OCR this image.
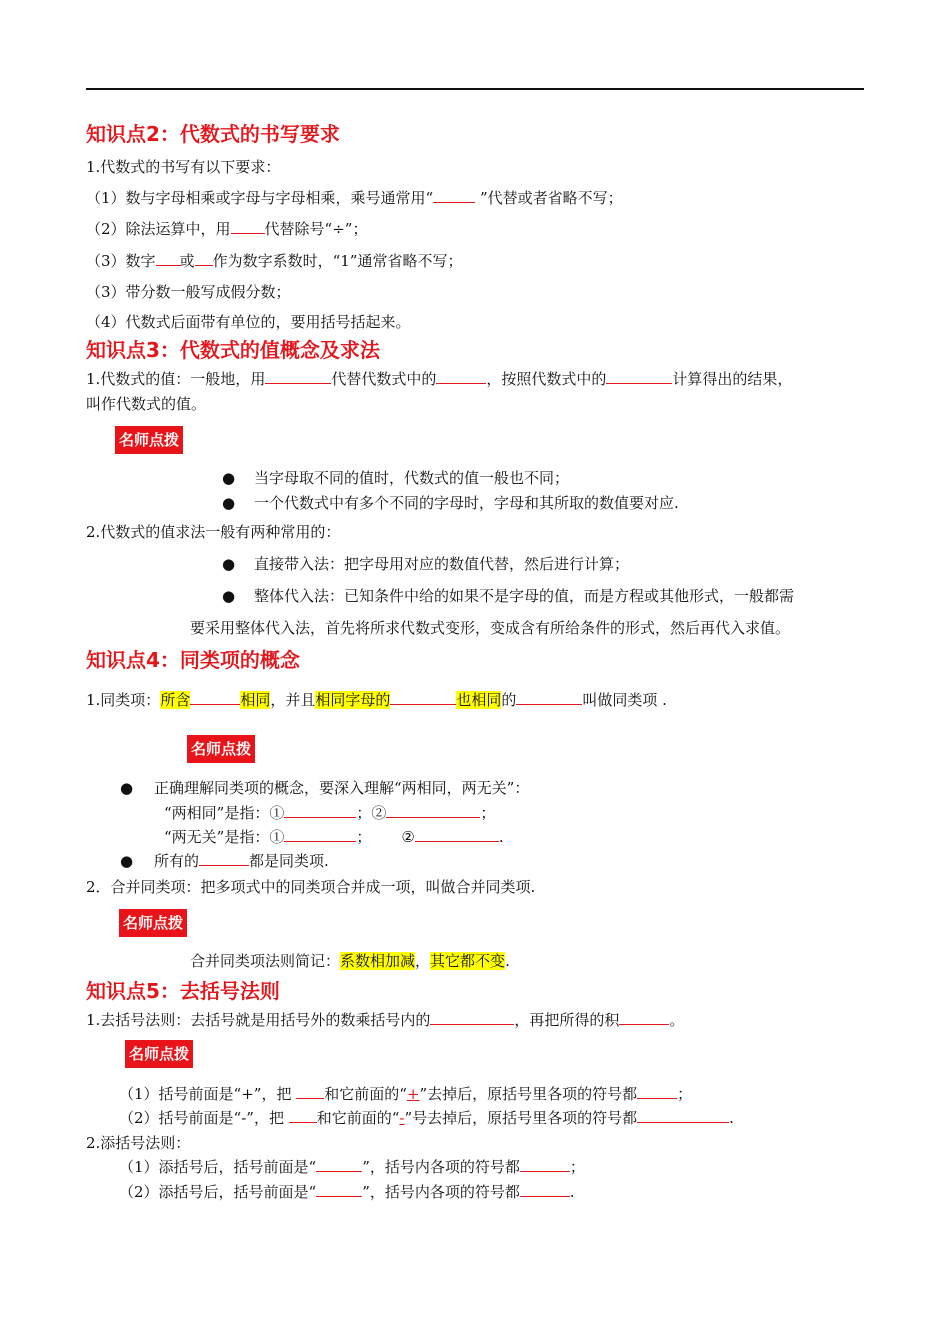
知识点2：代数式的书写要求
1.代数式的书写有以下要求：
（1）数与字母相乘或字母与字母相乘，乘号通常用“	”代替或者省略不写；
（2）除法运算中，用 代替除号“÷”；
（3）数字 或 作为数字系数时，“1”通常省略不写；
（3）带分数一般写成假分数；
（4）代数式后面带有单位的，要用括号括起来。
知识点3：代数式的值概念及求法
1.代数式的值：一般地，用	代替代数式中的	，按照代数式中的	计算得出的结果，
叫作代数式的值。
名师点拨
● 当字母取不同的值时，代数式的值一般也不同；
● 一个代数式中有多个不同的字母时，字母和其所取的数值要对应.
2.代数式的值求法一般有两种常用的：
● 直接带入法：把字母用对应的数值代替，然后进行计算；
● 整体代入法：已知条件中给的如果不是字母的值，而是方程或其他形式，一般都需
要采用整体代入法，首先将所求代数式变形，变成含有所给条件的形式，然后再代入求值。
知识点4：同类项的概念
1.同类项：所含	相同，并且相同字母的	也相同的	叫做同类项 .
名师点拨
● 正确理解同类项的概念，要深入理解“两相同，两无关”：
“两相同”是指：①	；②	；
“两无关”是指：①	； ②	.
● 所有的	都是同类项.
2．合并同类项：把多项式中的同类项合并成一项，叫做合并同类项.
名师点拨
合并同类项法则简记：系数相加减，其它都不变.
知识点5：去括号法则
1.去括号法则：去括号就是用括号外的数乘括号内的	，再把所得的积	。
名师点拨
（1）括号前面是“+”，把 和它前面的“+”去掉后，原括号里各项的符号都	；
（2）括号前面是“-”，把 和它前面的“-”号去掉后，原括号里各项的符号都	.
2.添括号法则：
（1）添括号后，括号前面是“	”，括号内各项的符号都	；
（2）添括号后，括号前面是“	”，括号内各项的符号都	.
